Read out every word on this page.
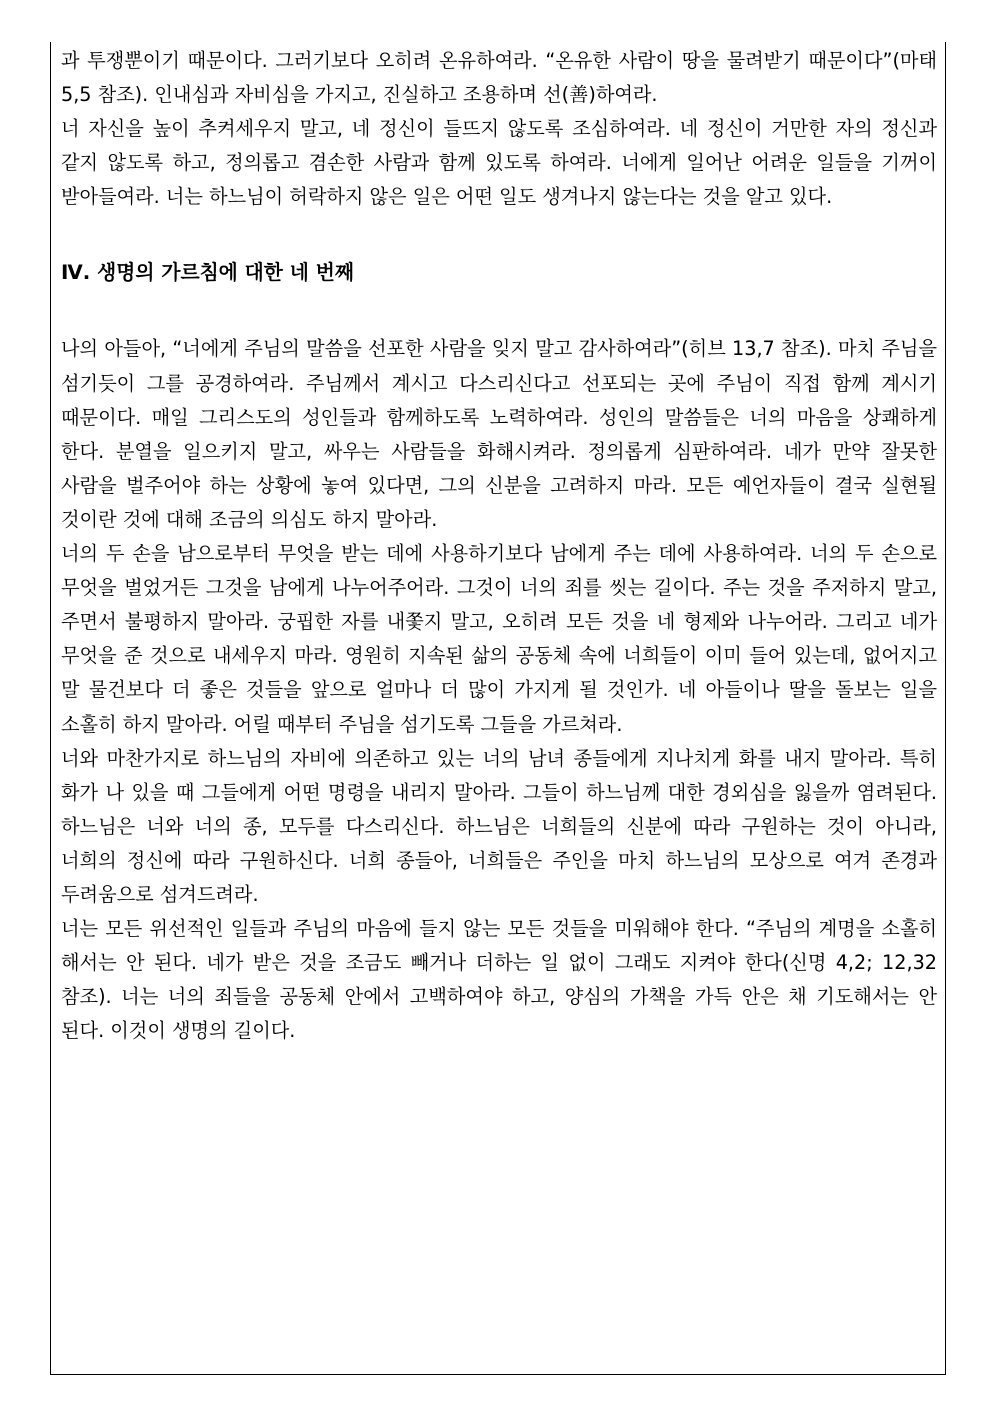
과 투쟁뿐이기 때문이다. 그러기보다 오히려 온유하여라. “온유한 사람이 땅을 물려받기 때문이다”(마태 5,5 참조). 인내심과 자비심을 가지고, 진실하고 조용하며 선(善)하여라.

너 자신을 높이 추켜세우지 말고, 네 정신이 들뜨지 않도록 조심하여라. 네 정신이 거만한 자의 정신과 같지 않도록 하고, 정의롭고 겸손한 사람과 함께 있도록 하여라. 너에게 일어난 어려운 일들을 기꺼이 받아들여라. 너는 하느님이 허락하지 않은 일은 어떤 일도 생겨나지 않는다는 것을 알고 있다.

Ⅳ. 생명의 가르침에 대한 네 번째

나의 아들아, “너에게 주님의 말씀을 선포한 사람을 잊지 말고 감사하여라”(히브 13,7 참조). 마치 주님을 섬기듯이 그를 공경하여라. 주님께서 계시고 다스리신다고 선포되는 곳에 주님이 직접 함께 계시기 때문이다. 매일 그리스도의 성인들과 함께하도록 노력하여라. 성인의 말씀들은 너의 마음을 상쾌하게 한다. 분열을 일으키지 말고, 싸우는 사람들을 화해시켜라. 정의롭게 심판하여라. 네가 만약 잘못한 사람을 벌주어야 하는 상황에 놓여 있다면, 그의 신분을 고려하지 마라. 모든 예언자들이 결국 실현될 것이란 것에 대해 조금의 의심도 하지 말아라.

너의 두 손을 남으로부터 무엇을 받는 데에 사용하기보다 남에게 주는 데에 사용하여라. 너의 두 손으로 무엇을 벌었거든 그것을 남에게 나누어주어라. 그것이 너의 죄를 씻는 길이다. 주는 것을 주저하지 말고, 주면서 불평하지 말아라. 궁핍한 자를 내쫓지 말고, 오히려 모든 것을 네 형제와 나누어라. 그리고 네가 무엇을 준 것으로 내세우지 마라. 영원히 지속된 삶의 공동체 속에 너희들이 이미 들어 있는데, 없어지고 말 물건보다 더 좋은 것들을 앞으로 얼마나 더 많이 가지게 될 것인가. 네 아들이나 딸을 돌보는 일을 소홀히 하지 말아라. 어릴 때부터 주님을 섬기도록 그들을 가르쳐라.

너와 마찬가지로 하느님의 자비에 의존하고 있는 너의 남녀 종들에게 지나치게 화를 내지 말아라. 특히 화가 나 있을 때 그들에게 어떤 명령을 내리지 말아라. 그들이 하느님께 대한 경외심을 잃을까 염려된다. 하느님은 너와 너의 종, 모두를 다스리신다. 하느님은 너희들의 신분에 따라 구원하는 것이 아니라, 너희의 정신에 따라 구원하신다. 너희 종들아, 너희들은 주인을 마치 하느님의 모상으로 여겨 존경과 두려움으로 섬겨드려라.

너는 모든 위선적인 일들과 주님의 마음에 들지 않는 모든 것들을 미워해야 한다. “주님의 계명을 소홀히 해서는 안 된다. 네가 받은 것을 조금도 빼거나 더하는 일 없이 그래도 지켜야 한다(신명 4,2; 12,32 참조). 너는 너의 죄들을 공동체 안에서 고백하여야 하고, 양심의 가책을 가득 안은 채 기도해서는 안 된다. 이것이 생명의 길이다.
